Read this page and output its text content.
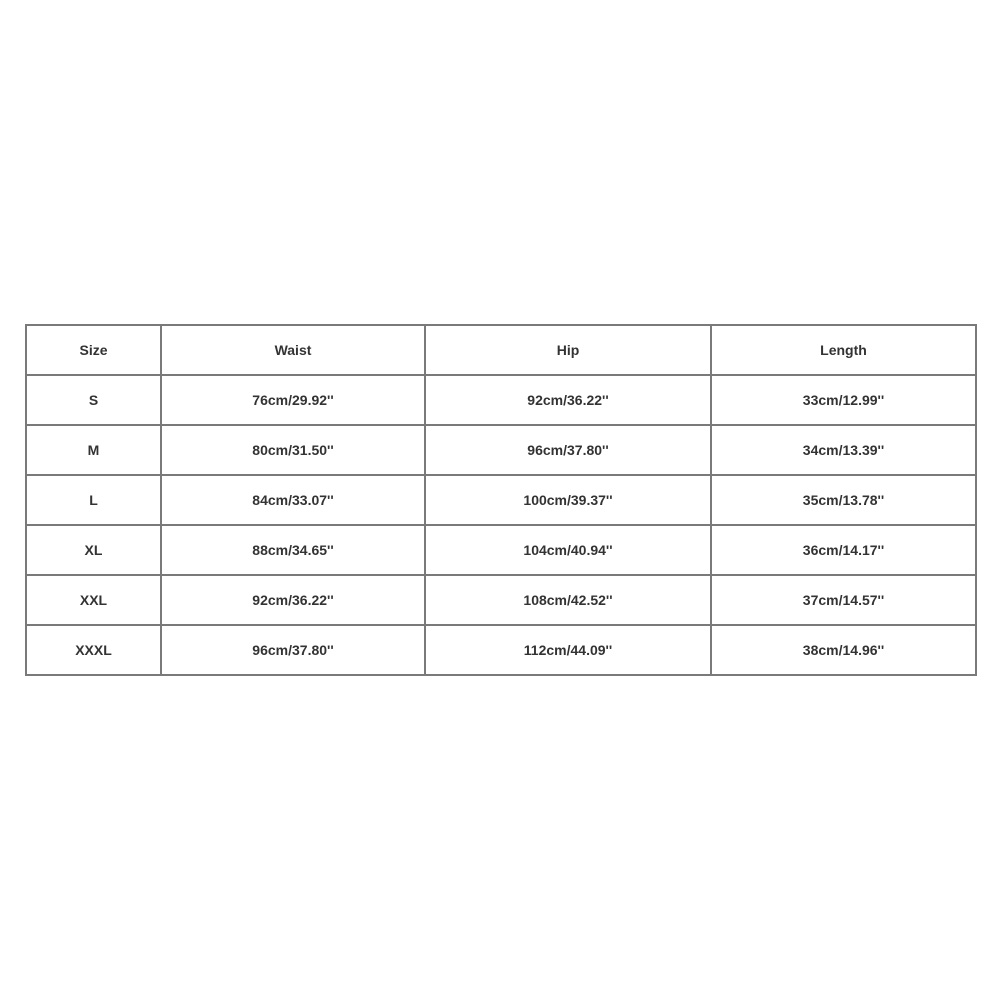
Size	Waist	Hip	Length
S	76cm/29.92''	92cm/36.22''	33cm/12.99''
M	80cm/31.50''	96cm/37.80''	34cm/13.39''
L	84cm/33.07''	100cm/39.37''	35cm/13.78''
XL	88cm/34.65''	104cm/40.94''	36cm/14.17''
XXL	92cm/36.22''	108cm/42.52''	37cm/14.57''
XXXL	96cm/37.80''	112cm/44.09''	38cm/14.96''
